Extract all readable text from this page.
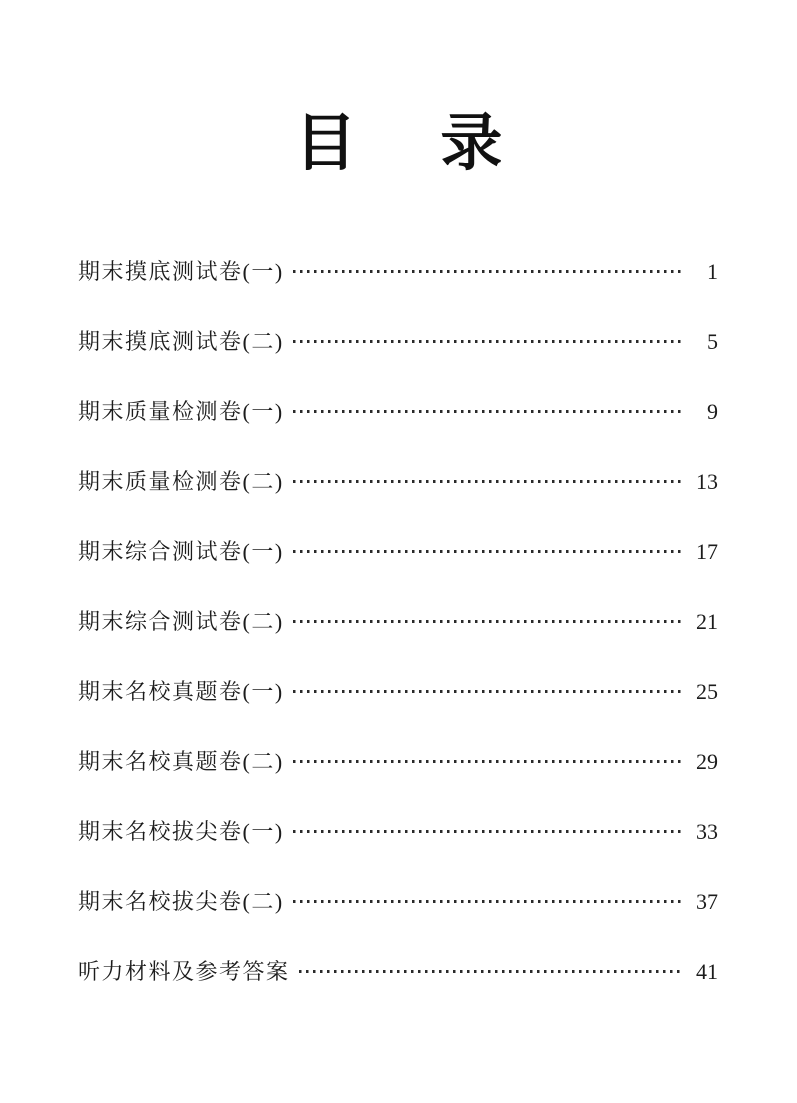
目录
期末摸底测试卷(一)	1
期末摸底测试卷(二)	5
期末质量检测卷(一)	9
期末质量检测卷(二)	13
期末综合测试卷(一)	17
期末综合测试卷(二)	21
期末名校真题卷(一)	25
期末名校真题卷(二)	29
期末名校拔尖卷(一)	33
期末名校拔尖卷(二)	37
听力材料及参考答案	41
